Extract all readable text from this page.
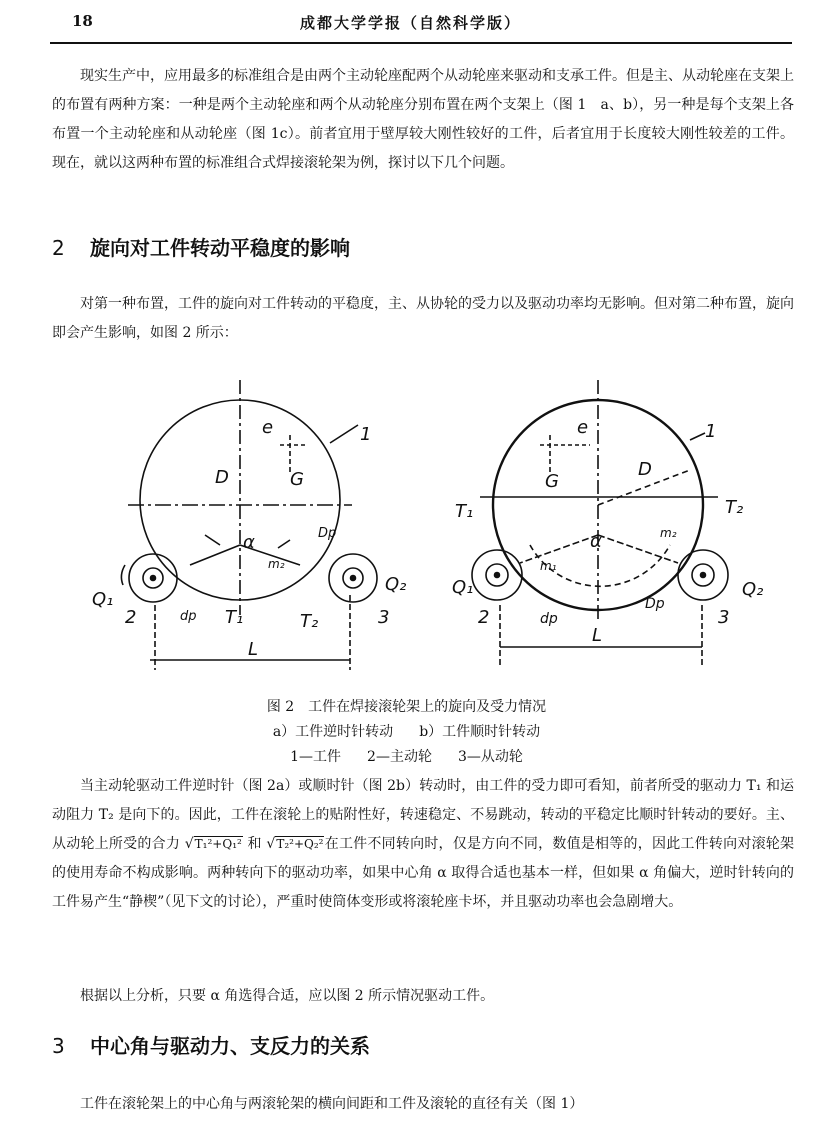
18	成都大学学报（自然科学版）

现实生产中，应用最多的标准组合是由两个主动轮座配两个从动轮座来驱动和支承工件。但是主、从动轮座在支架上的布置有两种方案：一种是两个主动轮座和两个从动轮座分别布置在两个支架上（图 1　a、b），另一种是每个支架上各布置一个主动轮座和从动轮座（图 1c）。前者宜用于壁厚较大刚性较好的工件，后者宜用于长度较大刚性较差的工件。现在，就以这两种布置的标准组合式焊接滚轮架为例，探讨以下几个问题。

2 旋向对工件转动平稳度的影响

对第一种布置，工件的旋向对工件转动的平稳度，主、从协轮的受力以及驱动功率均无影响。但对第二种布置，旋向即会产生影响，如图 2 所示：

e	1
D	G
α	Dp
m₂
Q₁
2	dp T₁	T₂
Q₂
3
L
e	1
G
D
T₁	T₂
α
m₁
m₂
Q₁
2	dp
Dp
3
Q₂
L
图 2　工件在焊接滚轮架上的旋向及受力情况
a）工件逆时针转动 b）工件顺时针转动
1—工件 2—主动轮 3—从动轮

当主动轮驱动工件逆时针（图 2a）或顺时针（图 2b）转动时，由工件的受力即可看知，前者所受的驱动力 T₁ 和运动阻力 T₂ 是向下的。因此，工件在滚轮上的贴附性好，转速稳定、不易跳动，转动的平稳定比顺时针转动的要好。主、从动轮上所受的合力 √T₁²+Q₁² 和 √T₂²+Q₂²在工件不同转向时，仅是方向不同，数值是相等的，因此工件转向对滚轮架的使用寿命不构成影响。两种转向下的驱动功率，如果中心角 α 取得合适也基本一样，但如果 α 角偏大，逆时针转向的工件易产生“静楔”（见下文的讨论），严重时使筒体变形或将滚轮座卡坏，并且驱动功率也会急剧增大。

根据以上分析，只要 α 角选得合适，应以图 2 所示情况驱动工件。

3 中心角与驱动力、支反力的关系

工件在滚轮架上的中心角与两滚轮架的横向间距和工件及滚轮的直径有关（图 1）
